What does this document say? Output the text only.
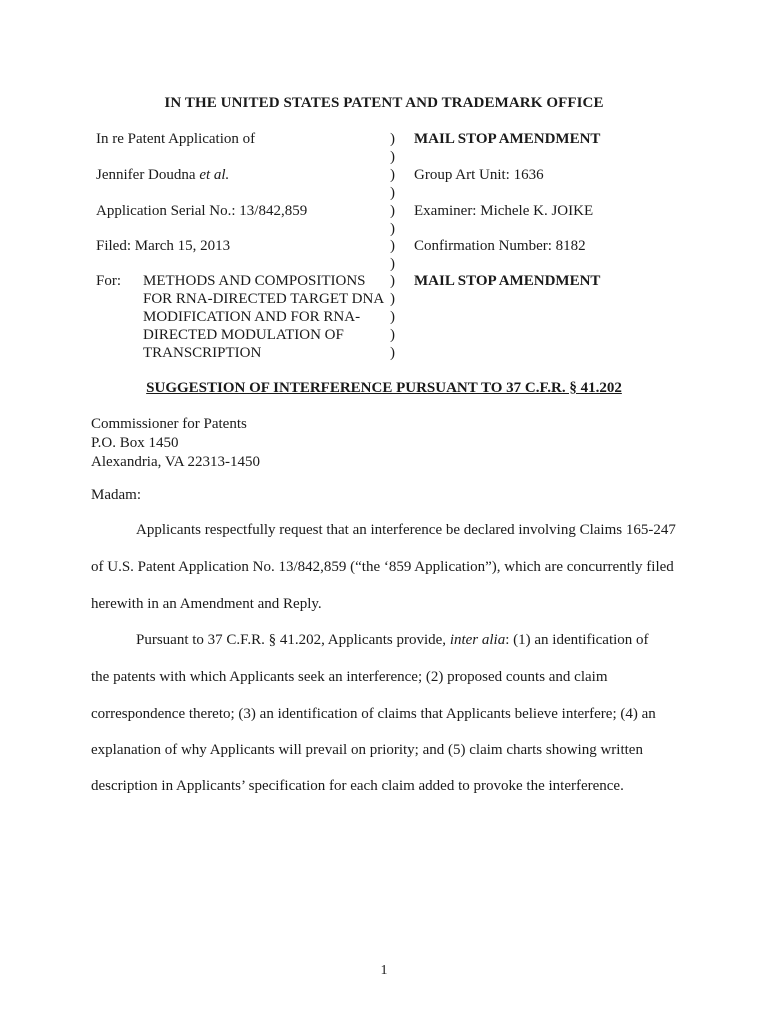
IN THE UNITED STATES PATENT AND TRADEMARK OFFICE
In re Patent Application of
Jennifer Doudna et al.
Application Serial No.: 13/842,859
Filed: March 15, 2013
For: METHODS AND COMPOSITIONS
FOR RNA-DIRECTED TARGET DNA
MODIFICATION AND FOR RNA-
DIRECTED MODULATION OF
TRANSCRIPTION
)
)
)
)
)
)
)
)
)
)
)
)
)
MAIL STOP AMENDMENT
Group Art Unit: 1636
Examiner: Michele K. JOIKE
Confirmation Number: 8182
MAIL STOP AMENDMENT
SUGGESTION OF INTERFERENCE PURSUANT TO 37 C.F.R. § 41.202
Commissioner for Patents
P.O. Box 1450
Alexandria, VA 22313-1450
Madam:
Applicants respectfully request that an interference be declared involving Claims 165-247
of U.S. Patent Application No. 13/842,859 (“the ‘859 Application”), which are concurrently filed
herewith in an Amendment and Reply.
Pursuant to 37 C.F.R. § 41.202, Applicants provide, inter alia: (1) an identification of
the patents with which Applicants seek an interference; (2) proposed counts and claim
correspondence thereto; (3) an identification of claims that Applicants believe interfere; (4) an
explanation of why Applicants will prevail on priority; and (5) claim charts showing written
description in Applicants’ specification for each claim added to provoke the interference.
1
